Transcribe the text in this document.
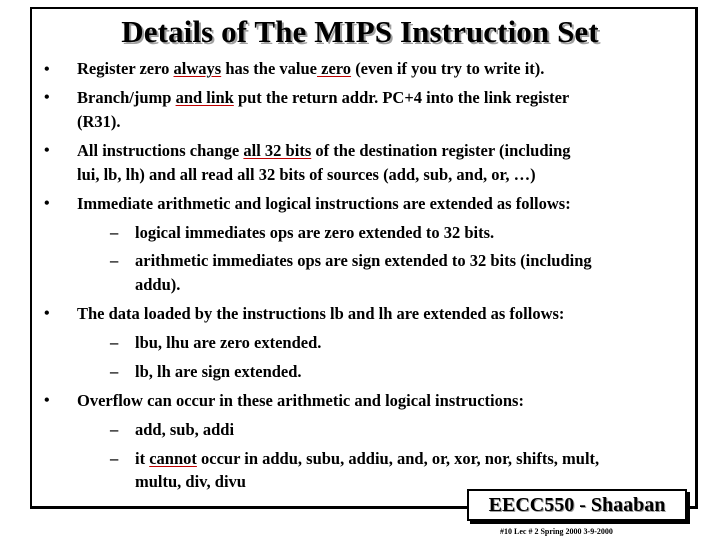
Details of The MIPS Instruction Set
• Register zero always has the value zero (even if you try to write it).
• Branch/jump and link put the return addr. PC+4 into the link register
(R31).
• All instructions change all 32 bits of the destination register (including
lui, lb, lh) and all read all 32 bits of sources (add, sub, and, or, …)
• Immediate arithmetic and logical instructions are extended as follows:
– logical immediates ops are zero extended to 32 bits.
– arithmetic immediates ops are sign extended to 32 bits (including
addu).
• The data loaded by the instructions lb and lh are extended as follows:
– lbu, lhu are zero extended.
– lb, lh are sign extended.
• Overflow can occur in these arithmetic and logical instructions:
– add, sub, addi
– it cannot occur in addu, subu, addiu, and, or, xor, nor, shifts, mult,
multu, div, divu
EECC550 - Shaaban
#10 Lec # 2 Spring 2000 3-9-2000
